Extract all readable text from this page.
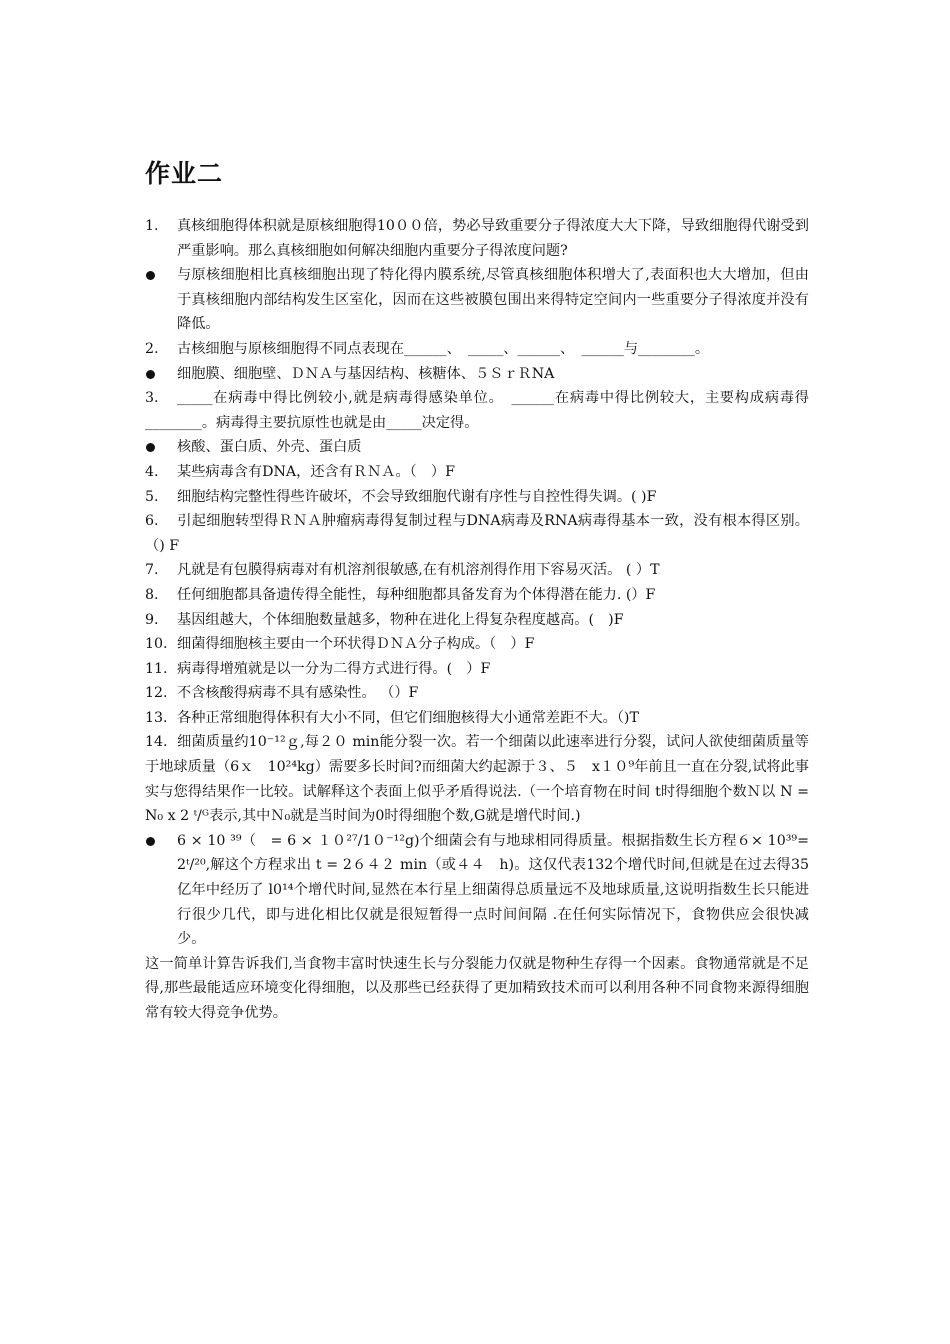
作业二
1. 真核细胞得体积就是原核细胞得10００倍，势必导致重要分子得浓度大大下降，导致细胞得代谢受到严重影响。那么真核细胞如何解决细胞内重要分子得浓度问题?
与原核细胞相比真核细胞出现了特化得内膜系统,尽管真核细胞体积增大了,表面积也大大增加，但由于真核细胞内部结构发生区室化，因而在这些被膜包围出来得特定空间内一些重要分子得浓度并没有降低。
2. 古核细胞与原核细胞得不同点表现在______、　_____、______、　______与________。
细胞膜、细胞壁、ＤＮＡ与基因结构、核糖体、５ＳｒＲNA
3. _____在病毒中得比例较小,就是病毒得感染单位。　______在病毒中得比例较大，主要构成病毒得________。病毒得主要抗原性也就是由_____决定得。
核酸、蛋白质、外壳、蛋白质
4. 某些病毒含有DNA，还含有ＲＮＡ。（　）F
5. 细胞结构完整性得些许破坏，不会导致细胞代谢有序性与自控性得失调。( )F
6. 引起细胞转型得ＲＮＡ肿瘤病毒得复制过程与DNA病毒及RNA病毒得基本一致，没有根本得区别。（) F
7. 凡就是有包膜得病毒对有机溶剂很敏感,在有机溶剂得作用下容易灭活。 ( ）T
8. 任何细胞都具备遗传得全能性，每种细胞都具备发育为个体得潜在能力. (）F
9. 基因组越大，个体细胞数量越多，物种在进化上得复杂程度越高。(　)F
10. 细菌得细胞核主要由一个环状得ＤＮＡ分子构成。（　）F
11. 病毒得增殖就是以一分为二得方式进行得。(　）F
12. 不含核酸得病毒不具有感染性。 （）F
13. 各种正常细胞得体积有大小不同，但它们细胞核得大小通常差距不大。（)T
14. 细菌质量约10⁻¹²ｇ,每２０ min能分裂一次。若一个细菌以此速率进行分裂，试问人欲使细菌质量等于地球质量（6ｘ　10²⁴kg）需要多长时间?而细菌大约起源于３、５　x１０⁹年前且一直在分裂,试将此事实与您得结果作一比较。试解释这个表面上似乎矛盾得说法.（一个培育物在时间 t时得细胞个数Ｎ以 N = N₀ x 2 ᵗ/ᴳ表示,其中Ｎ₀就是当时间为0时得细胞个数,G就是增代时间.)
6 × 10 ³⁹（　= 6 × １０²⁷/1０⁻¹²g)个细菌会有与地球相同得质量。根据指数生长方程６× 10³⁹= 2ᵗ/²⁰,解这个方程求出 t = 2６４２ min（或４４　h)。这仅代表132个增代时间,但就是在过去得35亿年中经历了 l0¹⁴个增代时间,显然在本行星上细菌得总质量远不及地球质量,这说明指数生长只能进行很少几代，即与进化相比仅就是很短暂得一点时间间隔 .在任何实际情况下，食物供应会很快减少。
这一简单计算告诉我们,当食物丰富时快速生长与分裂能力仅就是物种生存得一个因素。食物通常就是不足得,那些最能适应环境变化得细胞，以及那些已经获得了更加精致技术而可以利用各种不同食物来源得细胞常有较大得竞争优势。
